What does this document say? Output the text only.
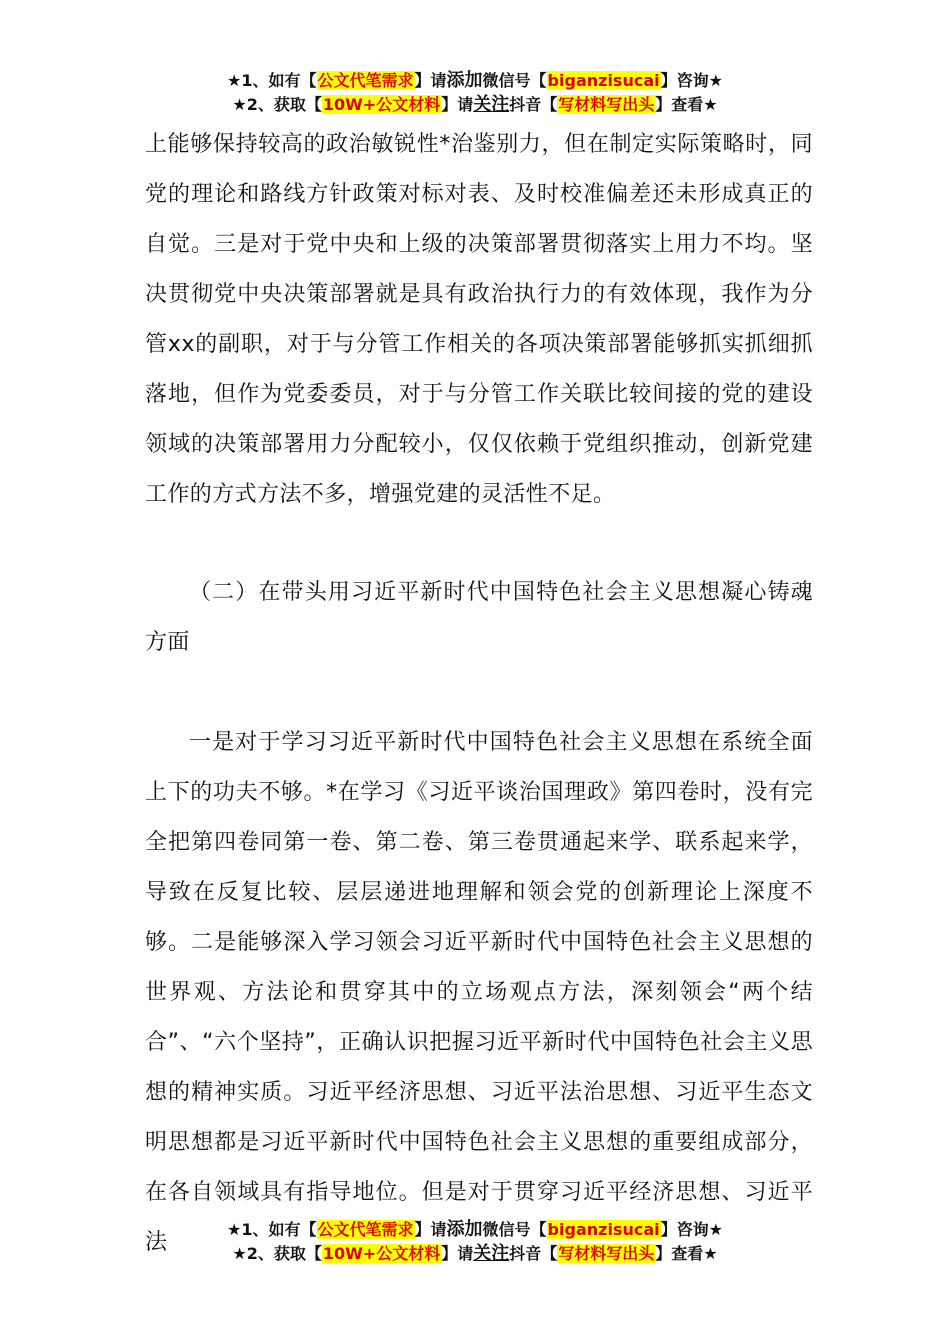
★1、如有【公文代笔需求】请添加微信号【biganzisucai】咨询★
★2、获取【10W+公文材料】请关注抖音【写材料写出头】查看★
上能够保持较高的政治敏锐性*治鉴别力，但在制定实际策略时，同党的理论和路线方针政策对标对表、及时校准偏差还未形成真正的自觉。三是对于党中央和上级的决策部署贯彻落实上用力不均。坚决贯彻党中央决策部署就是具有政治执行力的有效体现，我作为分管xx的副职，对于与分管工作相关的各项决策部署能够抓实抓细抓落地，但作为党委委员，对于与分管工作关联比较间接的党的建设领域的决策部署用力分配较小，仅仅依赖于党组织推动，创新党建工作的方式方法不多，增强党建的灵活性不足。
（二）在带头用习近平新时代中国特色社会主义思想凝心铸魂方面
一是对于学习习近平新时代中国特色社会主义思想在系统全面上下的功夫不够。*在学习《习近平谈治国理政》第四卷时，没有完全把第四卷同第一卷、第二卷、第三卷贯通起来学、联系起来学，导致在反复比较、层层递进地理解和领会党的创新理论上深度不够。二是能够深入学习领会习近平新时代中国特色社会主义思想的世界观、方法论和贯穿其中的立场观点方法，深刻领会“两个结合”、“六个坚持”，正确认识把握习近平新时代中国特色社会主义思想的精神实质。习近平经济思想、习近平法治思想、习近平生态文明思想都是习近平新时代中国特色社会主义思想的重要组成部分，在各自领域具有指导地位。但是对于贯穿习近平经济思想、习近平法
★1、如有【公文代笔需求】请添加微信号【biganzisucai】咨询★
★2、获取【10W+公文材料】请关注抖音【写材料写出头】查看★
